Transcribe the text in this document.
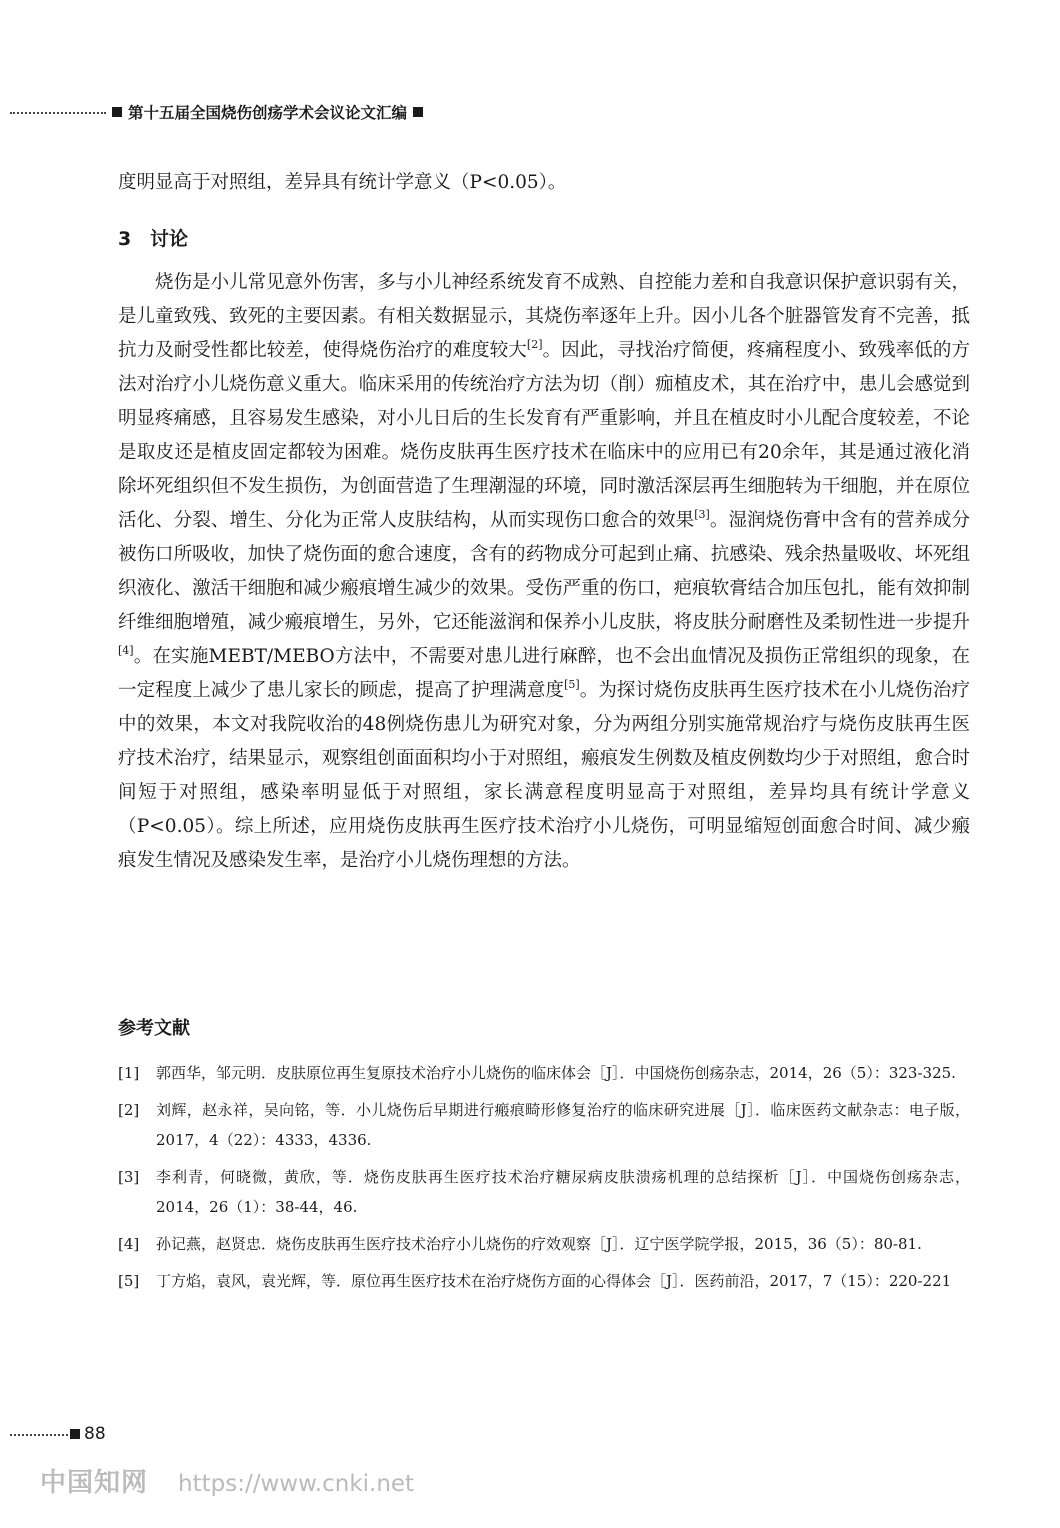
第十五届全国烧伤创疡学术会议论文汇编
度明显高于对照组，差异具有统计学意义（P<0.05）。
3 讨论
烧伤是小儿常见意外伤害，多与小儿神经系统发育不成熟、自控能力差和自我意识保护意识弱有关，是儿童致残、致死的主要因素。有相关数据显示，其烧伤率逐年上升。因小儿各个脏器管发育不完善，抵抗力及耐受性都比较差，使得烧伤治疗的难度较大[2]。因此，寻找治疗简便，疼痛程度小、致残率低的方法对治疗小儿烧伤意义重大。临床采用的传统治疗方法为切（削）痂植皮术，其在治疗中，患儿会感觉到明显疼痛感，且容易发生感染，对小儿日后的生长发育有严重影响，并且在植皮时小儿配合度较差，不论是取皮还是植皮固定都较为困难。烧伤皮肤再生医疗技术在临床中的应用已有20余年，其是通过液化消除坏死组织但不发生损伤，为创面营造了生理潮湿的环境，同时激活深层再生细胞转为干细胞，并在原位活化、分裂、增生、分化为正常人皮肤结构，从而实现伤口愈合的效果[3]。湿润烧伤膏中含有的营养成分被伤口所吸收，加快了烧伤面的愈合速度，含有的药物成分可起到止痛、抗感染、残余热量吸收、坏死组织液化、激活干细胞和减少瘢痕增生减少的效果。受伤严重的伤口，疤痕软膏结合加压包扎，能有效抑制纤维细胞增殖，减少瘢痕增生，另外，它还能滋润和保养小儿皮肤，将皮肤分耐磨性及柔韧性进一步提升[4]。在实施MEBT/MEBO方法中，不需要对患儿进行麻醉，也不会出血情况及损伤正常组织的现象，在一定程度上减少了患儿家长的顾虑，提高了护理满意度[5]。为探讨烧伤皮肤再生医疗技术在小儿烧伤治疗中的效果，本文对我院收治的48例烧伤患儿为研究对象，分为两组分别实施常规治疗与烧伤皮肤再生医疗技术治疗，结果显示，观察组创面面积均小于对照组，瘢痕发生例数及植皮例数均少于对照组，愈合时间短于对照组，感染率明显低于对照组，家长满意程度明显高于对照组，差异均具有统计学意义（P<0.05）。综上所述，应用烧伤皮肤再生医疗技术治疗小儿烧伤，可明显缩短创面愈合时间、减少瘢痕发生情况及感染发生率，是治疗小儿烧伤理想的方法。
参考文献
[1]	郭西华，邹元明．皮肤原位再生复原技术治疗小儿烧伤的临床体会［J］．中国烧伤创疡杂志，2014，26（5）：323-325.
[2]	刘辉，赵永祥，吴向铭，等．小儿烧伤后早期进行瘢痕畸形修复治疗的临床研究进展［J］．临床医药文献杂志：电子版，2017，4（22）：4333，4336.
[3]	李利青，何晓微，黄欣，等．烧伤皮肤再生医疗技术治疗糖尿病皮肤溃疡机理的总结探析［J］．中国烧伤创疡杂志，2014，26（1）：38-44，46.
[4]	孙记燕，赵贤忠．烧伤皮肤再生医疗技术治疗小儿烧伤的疗效观察［J］．辽宁医学院学报，2015，36（5）：80-81.
[5]	丁方焰，袁风，袁光辉，等．原位再生医疗技术在治疗烧伤方面的心得体会［J］．医药前沿，2017，7（15）：220-221
88
中国知网 https://www.cnki.net
